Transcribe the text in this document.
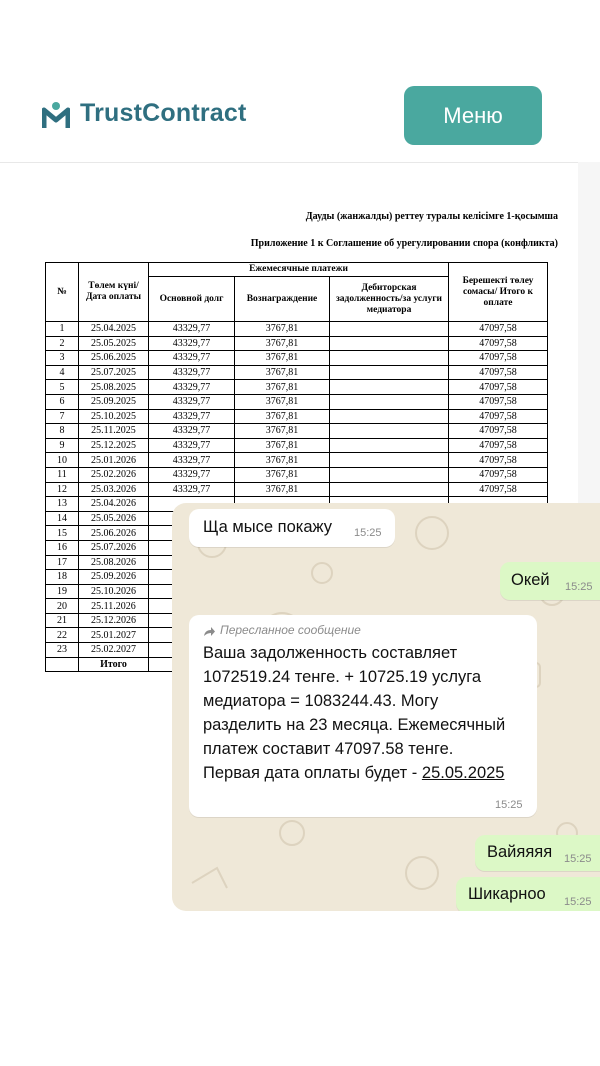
TrustContract	Меню
Дауды (жанжалды) реттеу туралы келісімге 1-қосымша
Приложение 1 к Соглашение об урегулировании спора (конфликта)
№	Төлем күні/ Дата оплаты	Ежемесячные платежи			Берешекті төлеу сомасы/ Итого к оплате
		Основной долг	Вознаграждение	Дебиторская задолженность/за услуги медиатора	
1	25.04.2025	43329,77	3767,81		47097,58
2	25.05.2025	43329,77	3767,81		47097,58
3	25.06.2025	43329,77	3767,81		47097,58
4	25.07.2025	43329,77	3767,81		47097,58
5	25.08.2025	43329,77	3767,81		47097,58
6	25.09.2025	43329,77	3767,81		47097,58
7	25.10.2025	43329,77	3767,81		47097,58
8	25.11.2025	43329,77	3767,81		47097,58
9	25.12.2025	43329,77	3767,81		47097,58
10	25.01.2026	43329,77	3767,81		47097,58
11	25.02.2026	43329,77	3767,81		47097,58
12	25.03.2026	43329,77	3767,81		47097,58
13	25.04.2026				
14	25.05.2026				
15	25.06.2026				
16	25.07.2026				
17	25.08.2026				
18	25.09.2026				
19	25.10.2026				
20	25.11.2026				
21	25.12.2026				
22	25.01.2027				
23	25.02.2027				
	Итого				
Ща мысе покажу 15:25
Окей 15:25
Пересланное сообщение
Ваша задолженность составляет
1072519.24 тенге. + 10725.19 услуга
медиатора = 1083244.43. Могу
разделить на 23 месяца. Ежемесячный
платеж составит 47097.58 тенге.
Первая дата оплаты будет - 25.05.2025
15:25
Вайяяяя 15:25
Шикарноо 15:25
